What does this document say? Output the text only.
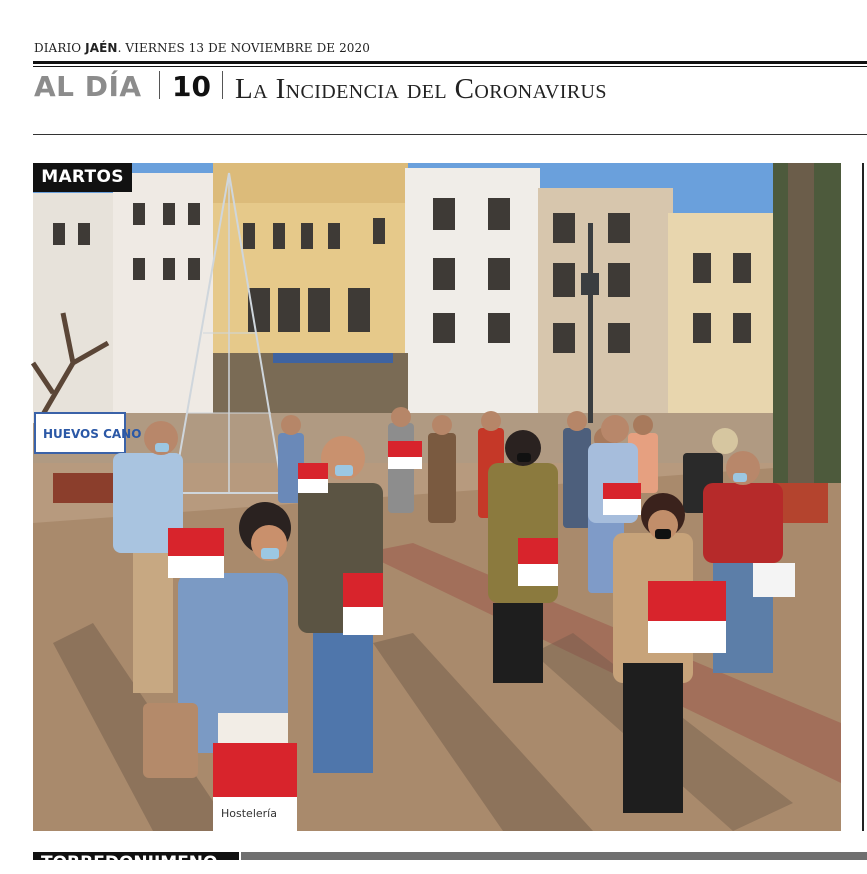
DIARIO JAÉN. VIERNES 13 DE NOVIEMBRE DE 2020
AL DÍA 10 La Incidencia del Coronavirus
HUEVOS CANO
Hostelería
MARTOS
TORREDONJIMENO
